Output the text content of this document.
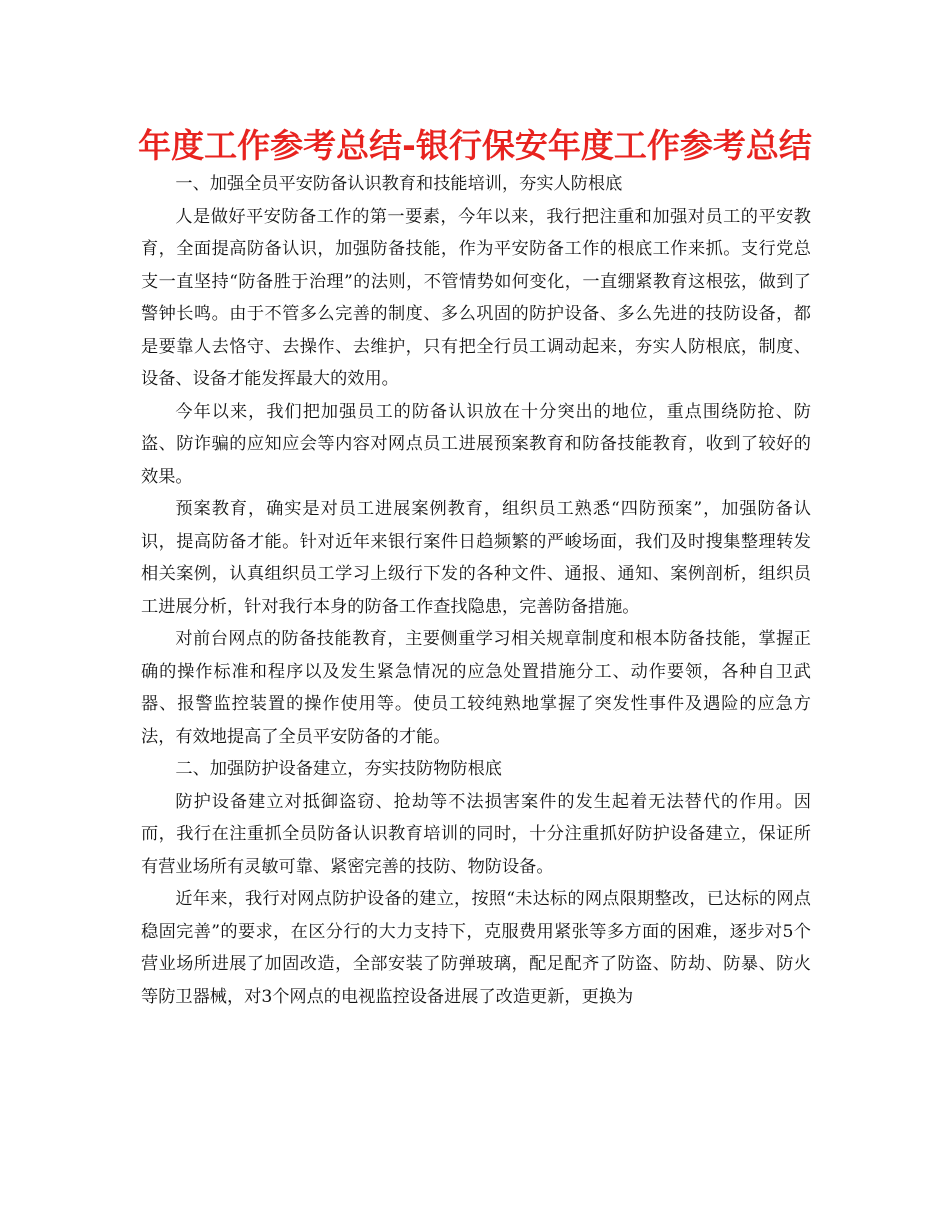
年度工作参考总结-银行保安年度工作参考总结

一、加强全员平安防备认识教育和技能培训，夯实人防根底

人是做好平安防备工作的第一要素，今年以来，我行把注重和加强对员工的平安教育，全面提高防备认识，加强防备技能，作为平安防备工作的根底工作来抓。支行党总支一直坚持“防备胜于治理”的法则，不管情势如何变化，一直绷紧教育这根弦，做到了警钟长鸣。由于不管多么完善的制度、多么巩固的防护设备、多么先进的技防设备，都是要靠人去恪守、去操作、去维护，只有把全行员工调动起来，夯实人防根底，制度、设备、设备才能发挥最大的效用。

今年以来，我们把加强员工的防备认识放在十分突出的地位，重点围绕防抢、防盗、防诈骗的应知应会等内容对网点员工进展预案教育和防备技能教育，收到了较好的效果。

预案教育，确实是对员工进展案例教育，组织员工熟悉“四防预案”，加强防备认识，提高防备才能。针对近年来银行案件日趋频繁的严峻场面，我们及时搜集整理转发相关案例，认真组织员工学习上级行下发的各种文件、通报、通知、案例剖析，组织员工进展分析，针对我行本身的防备工作查找隐患，完善防备措施。

对前台网点的防备技能教育，主要侧重学习相关规章制度和根本防备技能，掌握正确的操作标准和程序以及发生紧急情况的应急处置措施分工、动作要领，各种自卫武器、报警监控装置的操作使用等。使员工较纯熟地掌握了突发性事件及遇险的应急方法，有效地提高了全员平安防备的才能。

二、加强防护设备建立，夯实技防物防根底

防护设备建立对抵御盗窃、抢劫等不法损害案件的发生起着无法替代的作用。因而，我行在注重抓全员防备认识教育培训的同时，十分注重抓好防护设备建立，保证所有营业场所有灵敏可靠、紧密完善的技防、物防设备。

近年来，我行对网点防护设备的建立，按照“未达标的网点限期整改，已达标的网点稳固完善”的要求，在区分行的大力支持下，克服费用紧张等多方面的困难，逐步对5个营业场所进展了加固改造，全部安装了防弹玻璃，配足配齐了防盗、防劫、防暴、防火等防卫器械，对3个网点的电视监控设备进展了改造更新，更换为
